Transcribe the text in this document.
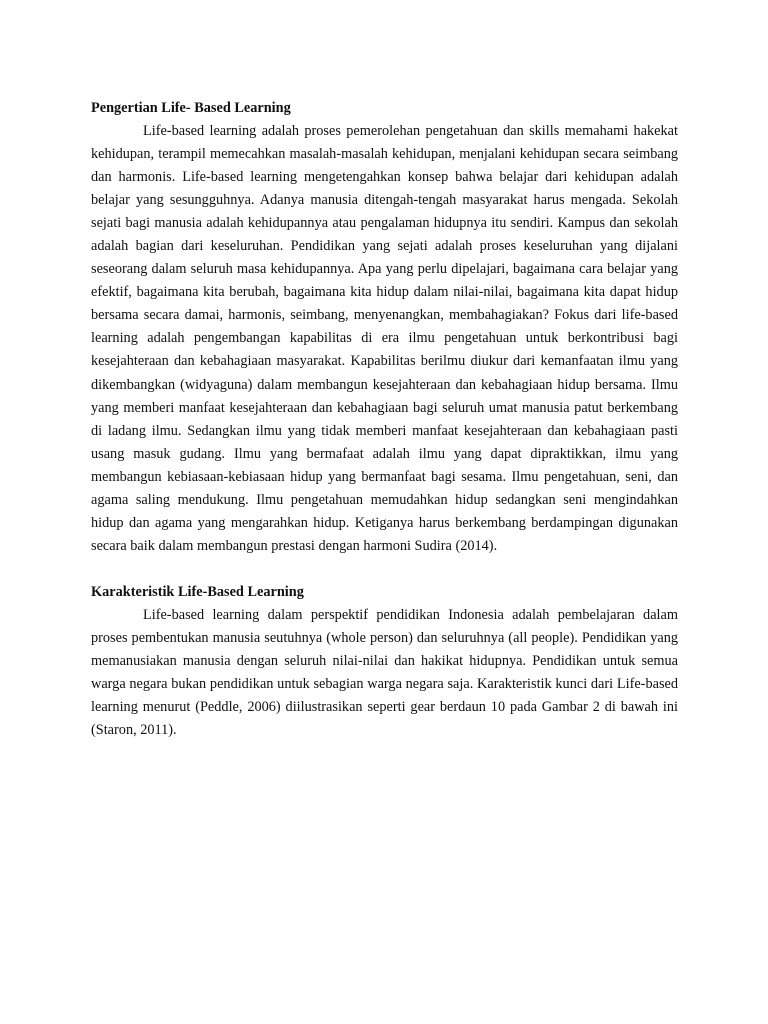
Pengertian Life- Based Learning

Life-based learning adalah proses pemerolehan pengetahuan dan skills memahami hakekat kehidupan, terampil memecahkan masalah-masalah kehidupan, menjalani kehidupan secara seimbang dan harmonis. Life-based learning mengetengahkan konsep bahwa belajar dari kehidupan adalah belajar yang sesungguhnya. Adanya manusia ditengah-tengah masyarakat harus mengada. Sekolah sejati bagi manusia adalah kehidupannya atau pengalaman hidupnya itu sendiri. Kampus dan sekolah adalah bagian dari keseluruhan. Pendidikan yang sejati adalah proses keseluruhan yang dijalani seseorang dalam seluruh masa kehidupannya. Apa yang perlu dipelajari, bagaimana cara belajar yang efektif, bagaimana kita berubah, bagaimana kita hidup dalam nilai-nilai, bagaimana kita dapat hidup bersama secara damai, harmonis, seimbang, menyenangkan, membahagiakan? Fokus dari life-based learning adalah pengembangan kapabilitas di era ilmu pengetahuan untuk berkontribusi bagi kesejahteraan dan kebahagiaan masyarakat. Kapabilitas berilmu diukur dari kemanfaatan ilmu yang dikembangkan (widyaguna) dalam membangun kesejahteraan dan kebahagiaan hidup bersama. Ilmu yang memberi manfaat kesejahteraan dan kebahagiaan bagi seluruh umat manusia patut berkembang di ladang ilmu. Sedangkan ilmu yang tidak memberi manfaat kesejahteraan dan kebahagiaan pasti usang masuk gudang. Ilmu yang bermafaat adalah ilmu yang dapat dipraktikkan, ilmu yang membangun kebiasaan-kebiasaan hidup yang bermanfaat bagi sesama. Ilmu pengetahuan, seni, dan agama saling mendukung. Ilmu pengetahuan memudahkan hidup sedangkan seni mengindahkan hidup dan agama yang mengarahkan hidup. Ketiganya harus berkembang berdampingan digunakan secara baik dalam membangun prestasi dengan harmoni Sudira (2014).

Karakteristik Life-Based Learning

Life-based learning dalam perspektif pendidikan Indonesia adalah pembelajaran dalam proses pembentukan manusia seutuhnya (whole person) dan seluruhnya (all people). Pendidikan yang memanusiakan manusia dengan seluruh nilai-nilai dan hakikat hidupnya. Pendidikan untuk semua warga negara bukan pendidikan untuk sebagian warga negara saja. Karakteristik kunci dari Life-based learning menurut (Peddle, 2006) diilustrasikan seperti gear berdaun 10 pada Gambar 2 di bawah ini (Staron, 2011).
